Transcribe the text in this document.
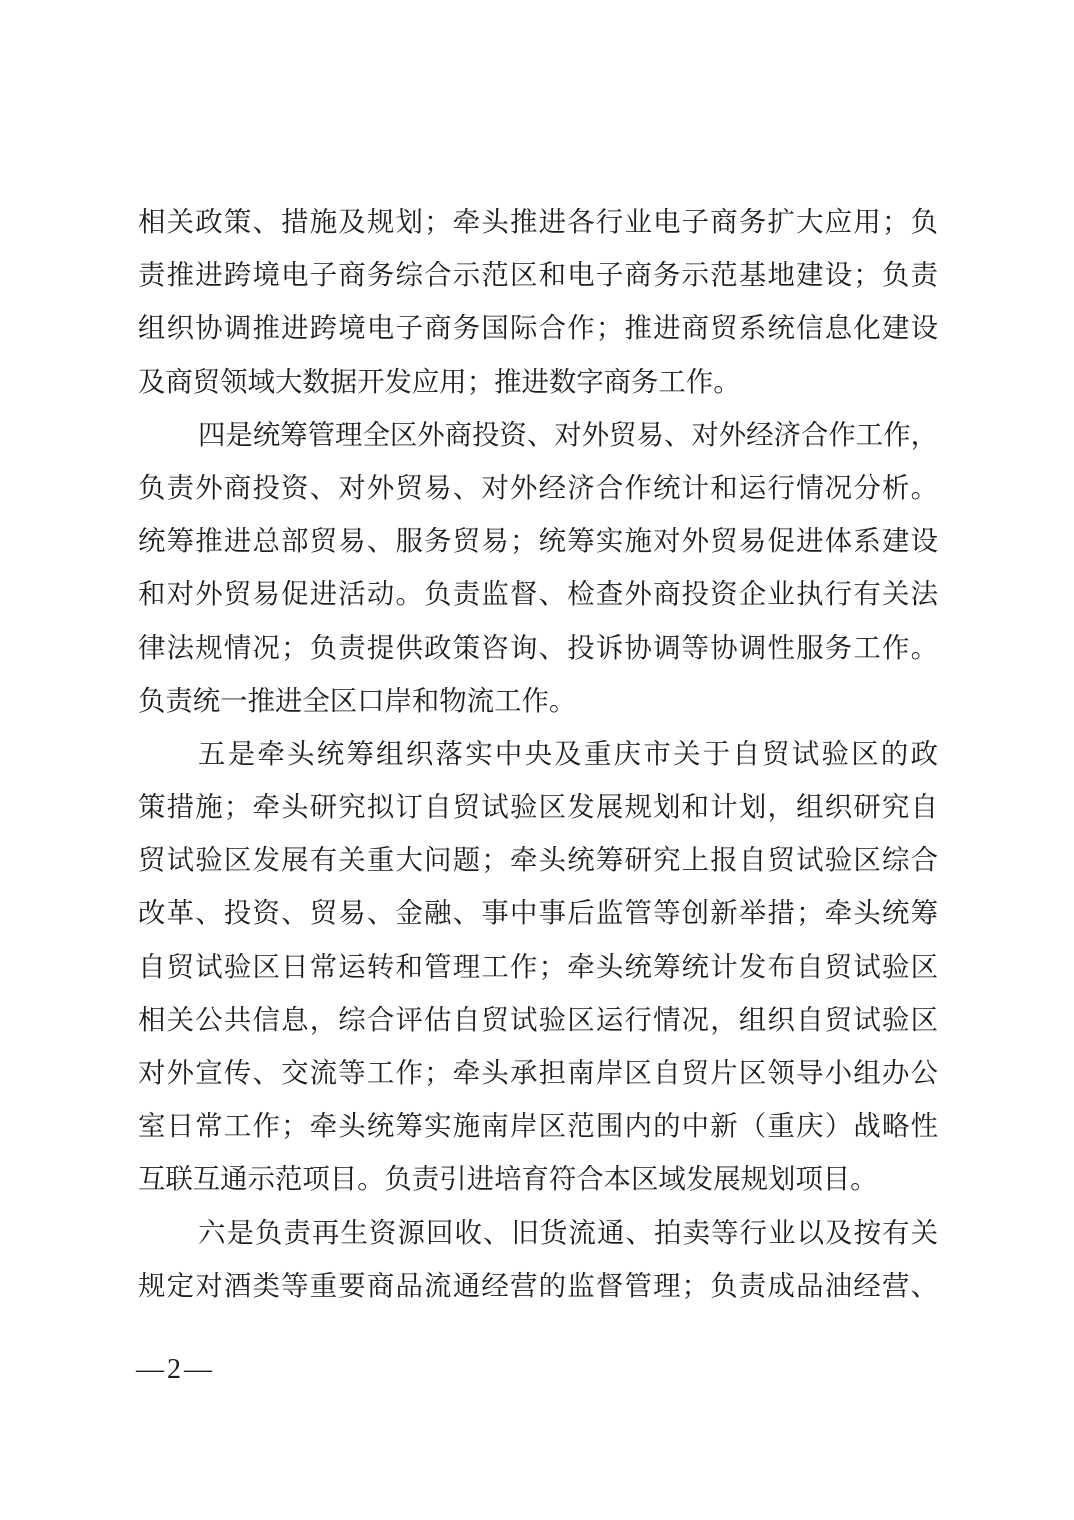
相关政策、措施及规划；牵头推进各行业电子商务扩大应用；负
责推进跨境电子商务综合示范区和电子商务示范基地建设；负责
组织协调推进跨境电子商务国际合作；推进商贸系统信息化建设
及商贸领域大数据开发应用；推进数字商务工作。
四是统筹管理全区外商投资、对外贸易、对外经济合作工作，
负责外商投资、对外贸易、对外经济合作统计和运行情况分析。
统筹推进总部贸易、服务贸易；统筹实施对外贸易促进体系建设
和对外贸易促进活动。负责监督、检查外商投资企业执行有关法
律法规情况；负责提供政策咨询、投诉协调等协调性服务工作。
负责统一推进全区口岸和物流工作。
五是牵头统筹组织落实中央及重庆市关于自贸试验区的政
策措施；牵头研究拟订自贸试验区发展规划和计划，组织研究自
贸试验区发展有关重大问题；牵头统筹研究上报自贸试验区综合
改革、投资、贸易、金融、事中事后监管等创新举措；牵头统筹
自贸试验区日常运转和管理工作；牵头统筹统计发布自贸试验区
相关公共信息，综合评估自贸试验区运行情况，组织自贸试验区
对外宣传、交流等工作；牵头承担南岸区自贸片区领导小组办公
室日常工作；牵头统筹实施南岸区范围内的中新（重庆）战略性
互联互通示范项目。负责引进培育符合本区域发展规划项目。
六是负责再生资源回收、旧货流通、拍卖等行业以及按有关
规定对酒类等重要商品流通经营的监督管理；负责成品油经营、
— 2 —
